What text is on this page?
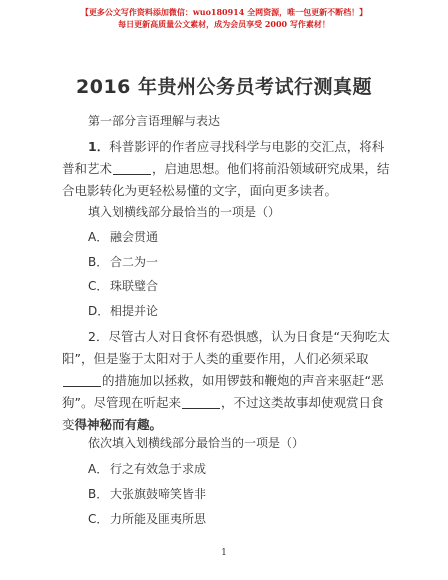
【更多公文写作资料添加微信：wuo180914 全网资源，唯一包更新不断档！】
每日更新高质量公文素材，成为会员享受 2000 写作素材！
2016 年贵州公务员考试行测真题
第一部分言语理解与表达
1．科普影评的作者应寻找科学与电影的交汇点，将科普和艺术	，启迪思想。他们将前沿领域研究成果，结合电影转化为更轻松易懂的文字，面向更多读者。
填入划横线部分最恰当的一项是（）
A． 融会贯通
B． 合二为一
C． 珠联璧合
D．相提并论
2．尽管古人对日食怀有恐惧感，认为日食是“天狗吃太阳”，但是鉴于太阳对于人类的重要作用，人们必须采取的措施加以拯救，如用锣鼓和鞭炮的声音来驱赶“恶狗”。尽管现在听起来	，不过这类故事却使观赏日食变得神秘而有趣。
依次填入划横线部分最恰当的一项是（）
A． 行之有效急于求成
B． 大张旗鼓啼笑皆非
C． 力所能及匪夷所思
1
